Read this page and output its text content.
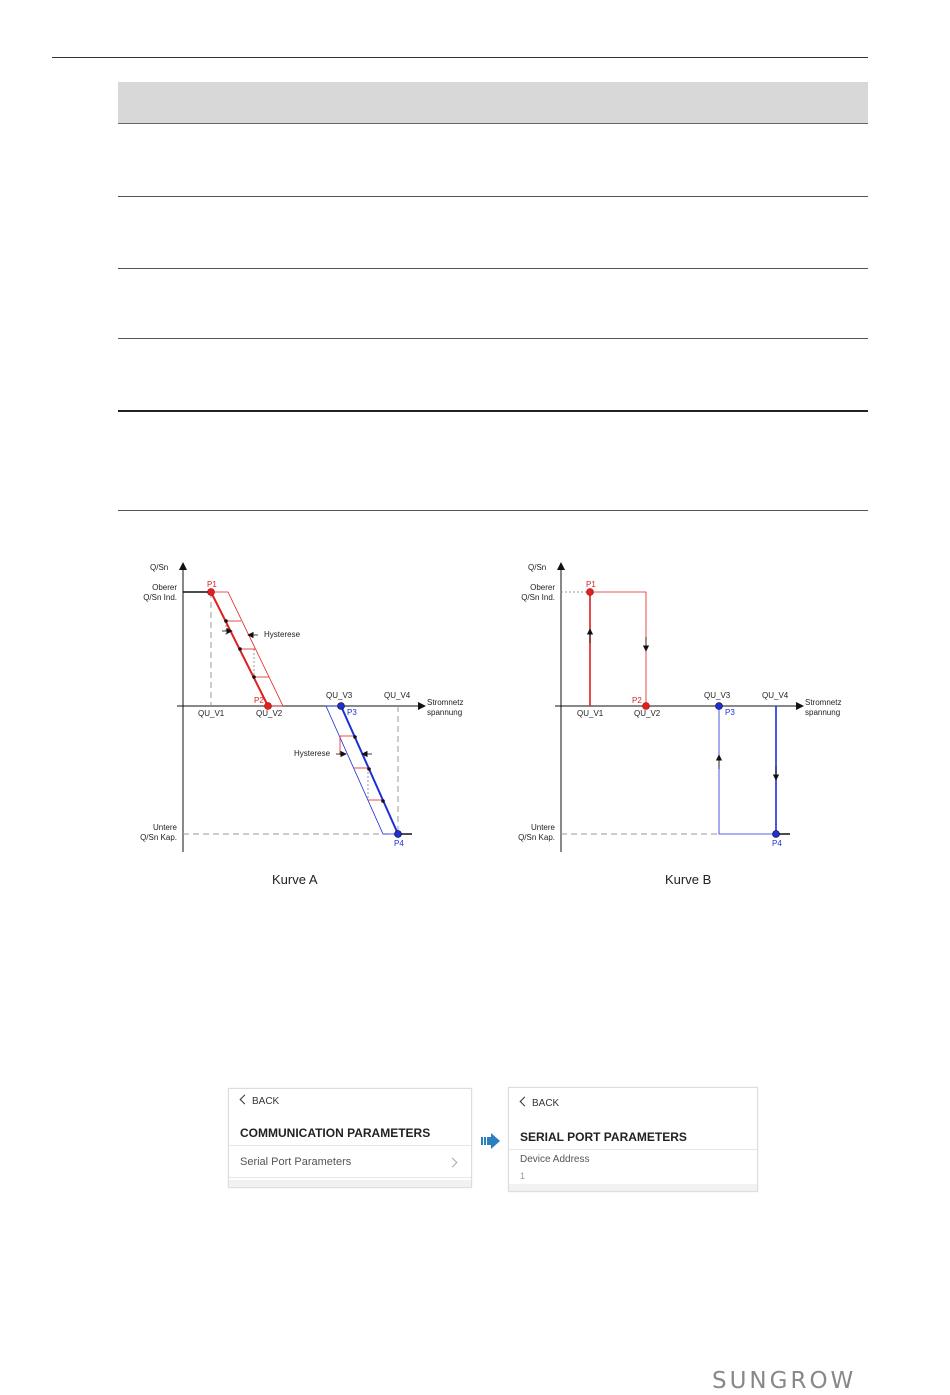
Q/Sn
Oberer
Q/Sn Ind.
Untere
Q/Sn Kap.
P1
P2
P3
P4
QU_V1	QU_V2
QU_V3	QU_V4
Stromnetz
spannung
Hysterese
Hysterese
Kurve A
Q/Sn
Oberer
Q/Sn Ind.
Untere
Q/Sn Kap.
P1
P2
P3
P4
QU_V1	QU_V2
QU_V3	QU_V4
Stromnetz
spannung
Kurve B
BACK
COMMUNICATION PARAMETERS
Serial Port Parameters
BACK
SERIAL PORT PARAMETERS
Device Address
1
SUNGROW
